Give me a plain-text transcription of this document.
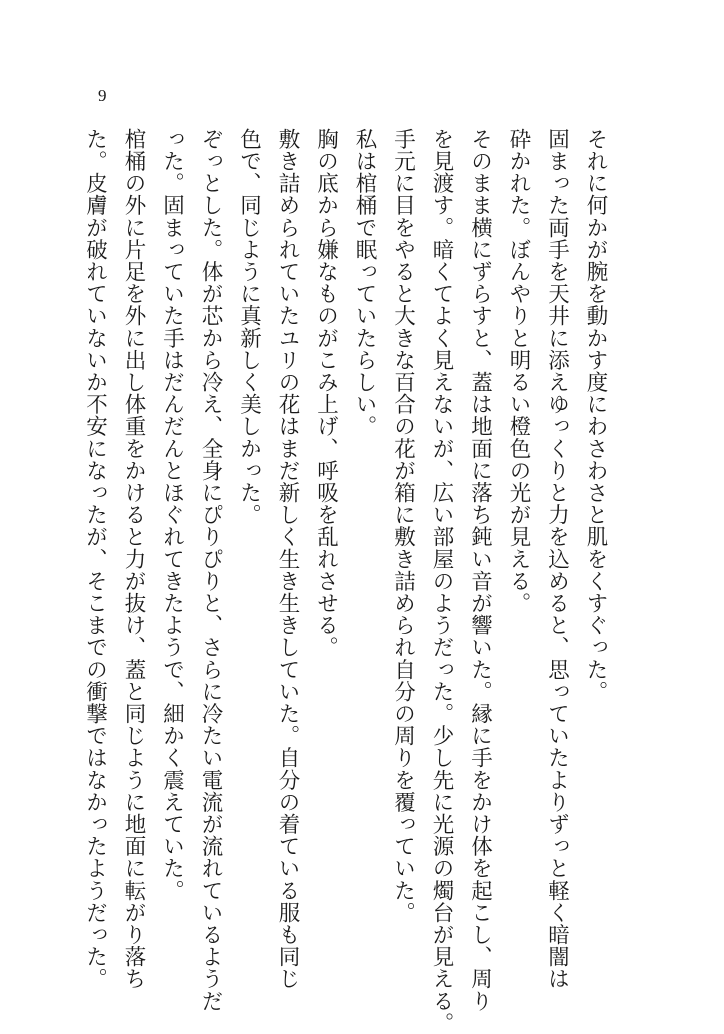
9
それに何かが腕を動かす度にわさわさと肌をくすぐった。
固まった両手を天井に添えゆっくりと力を込めると、思っていたよりずっと軽く暗闇は
砕かれた。ぼんやりと明るい橙色の光が見える。
そのまま横にずらすと、蓋は地面に落ち鈍い音が響いた。縁に手をかけ体を起こし、周り
を見渡す。暗くてよく見えないが、広い部屋のようだった。少し先に光源の燭台が見える。
手元に目をやると大きな百合の花が箱に敷き詰められ自分の周りを覆っていた。
私は棺桶で眠っていたらしい。
胸の底から嫌なものがこみ上げ、呼吸を乱れさせる。
敷き詰められていたユリの花はまだ新しく生き生きしていた。自分の着ている服も同じ
色で、同じように真新しく美しかった。
ぞっとした。体が芯から冷え、全身にぴりぴりと、さらに冷たい電流が流れているようだ
った。固まっていた手はだんだんとほぐれてきたようで、細かく震えていた。
棺桶の外に片足を外に出し体重をかけると力が抜け、蓋と同じように地面に転がり落ち
た。皮膚が破れていないか不安になったが、そこまでの衝撃ではなかったようだった。
